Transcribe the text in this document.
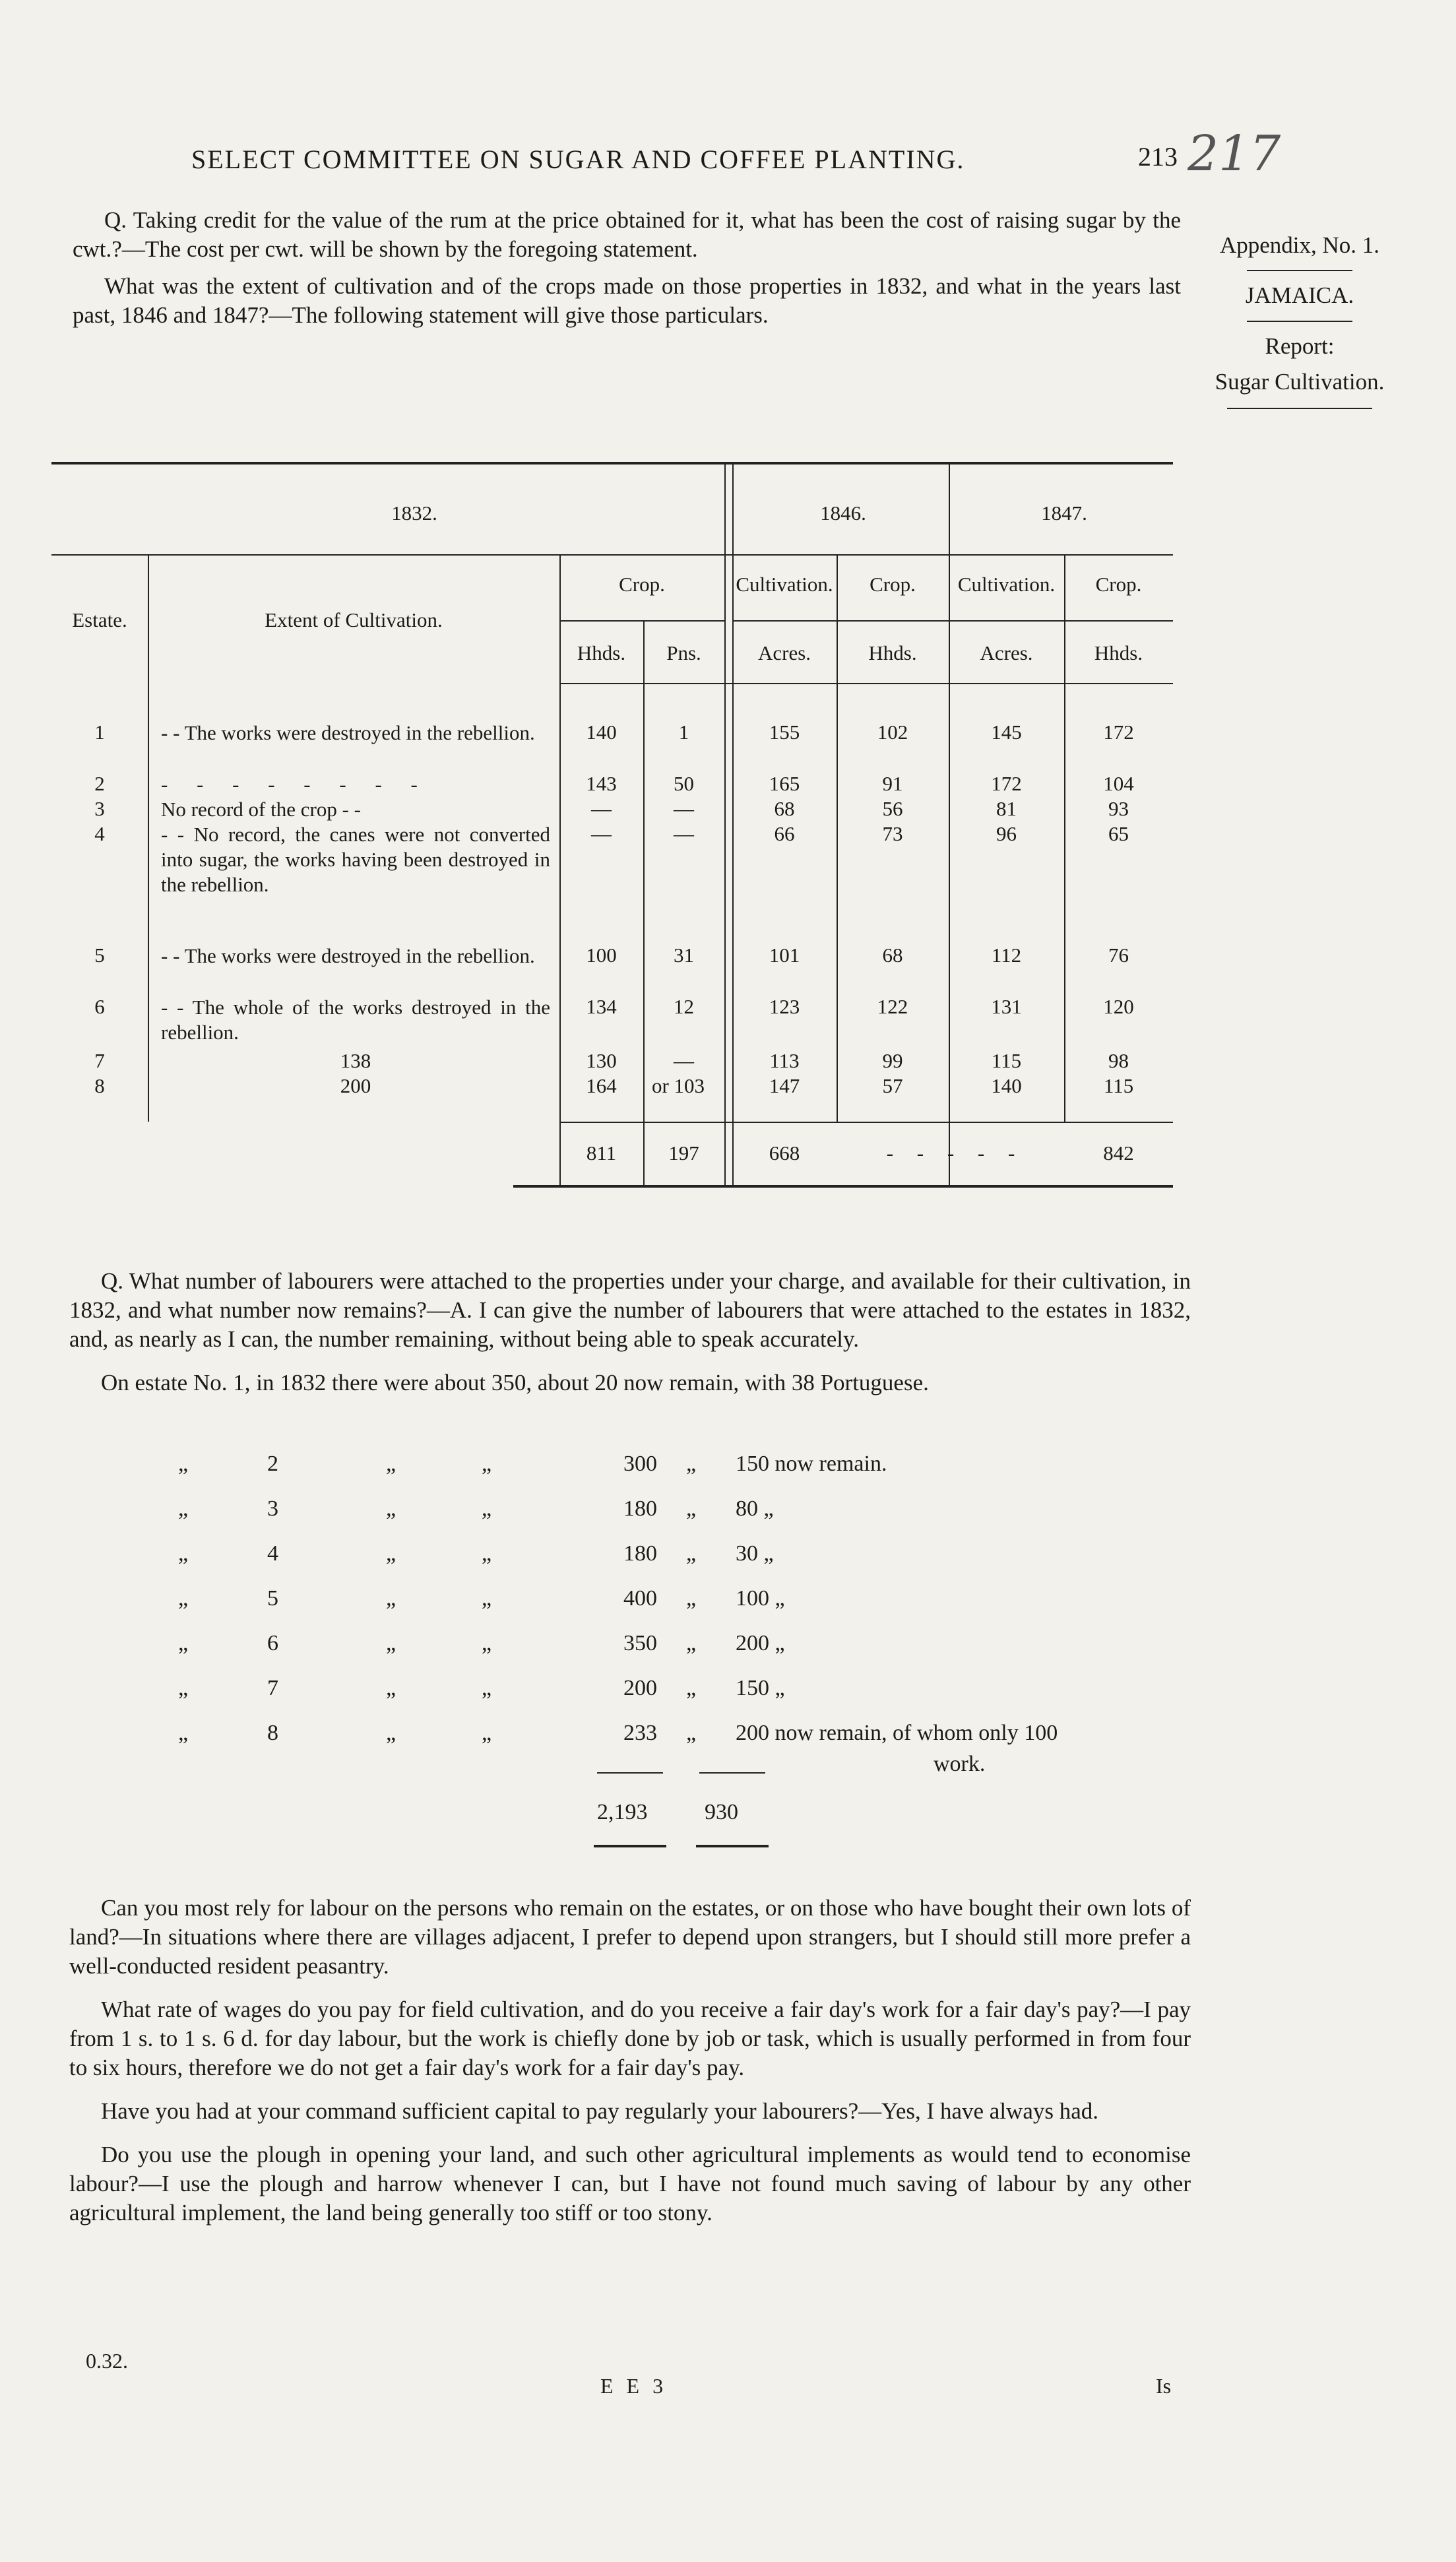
SELECT COMMITTEE ON SUGAR AND COFFEE PLANTING.	213 217
Appendix, No. 1.
JAMAICA.
Report:
Sugar Cultivation.

Q. Taking credit for the value of the rum at the price obtained for it, what has been the cost of raising sugar by the cwt.?—The cost per cwt. will be shown by the foregoing statement.

What was the extent of cultivation and of the crops made on those properties in 1832, and what in the years last past, 1846 and 1847?—The following statement will give those particulars.

1832.	1846.	1847.
Estate.	Extent of Cultivation.
Crop.	Cultivation.	Crop.	Cultivation.	Crop.
Hhds.	Pns.	Acres.	Hhds.	Acres.	Hhds.
1	- - The works were destroyed in the rebellion.	140	1	155	102	145	172
2	- - - - - - - -	143	50	165	91	172	104
3	No record of the crop - -	—	—	68	56	81	93
4	- - No record, the canes were not converted into sugar, the works having been destroyed in the rebellion.
—	—	66	73	96	65
5	- - The works were destroyed in the rebellion.	100	31	101	68	112	76
6	- - The whole of the works destroyed in the rebellion.
134	12	123	122	131	120
7	138	130	—	113	99	115	98
8	200	164	or 103	147	57	140	115
811	197	668	- - - - -	842

Q. What number of labourers were attached to the properties under your charge, and available for their cultivation, in 1832, and what number now remains?—A. I can give the number of labourers that were attached to the estates in 1832, and, as nearly as I can, the number remaining, without being able to speak accurately.

On estate No. 1, in 1832 there were about 350, about 20 now remain, with 38 Portuguese.

„	2	„	„	300 „ 150 now remain.
„	3	„	„	180 „ 80 „
„	4	„	„	180 „ 30 „
„	5	„	„	400 „ 100 „
„	6	„	„	350 „ 200 „
„	7	„	„	200 „ 150 „
„	8	„	„	233 „ 200 now remain, of whom only 100
work.
2,193	930

Can you most rely for labour on the persons who remain on the estates, or on those who have bought their own lots of land?—In situations where there are villages adjacent, I prefer to depend upon strangers, but I should still more prefer a well-conducted resident peasantry.

What rate of wages do you pay for field cultivation, and do you receive a fair day's work for a fair day's pay?—I pay from 1 s. to 1 s. 6 d. for day labour, but the work is chiefly done by job or task, which is usually performed in from four to six hours, therefore we do not get a fair day's work for a fair day's pay.

Have you had at your command sufficient capital to pay regularly your labourers?—Yes, I have always had.

Do you use the plough in opening your land, and such other agricultural implements as would tend to economise labour?—I use the plough and harrow whenever I can, but I have not found much saving of labour by any other agricultural implement, the land being generally too stiff or too stony.

0.32.
E E 3	Is
